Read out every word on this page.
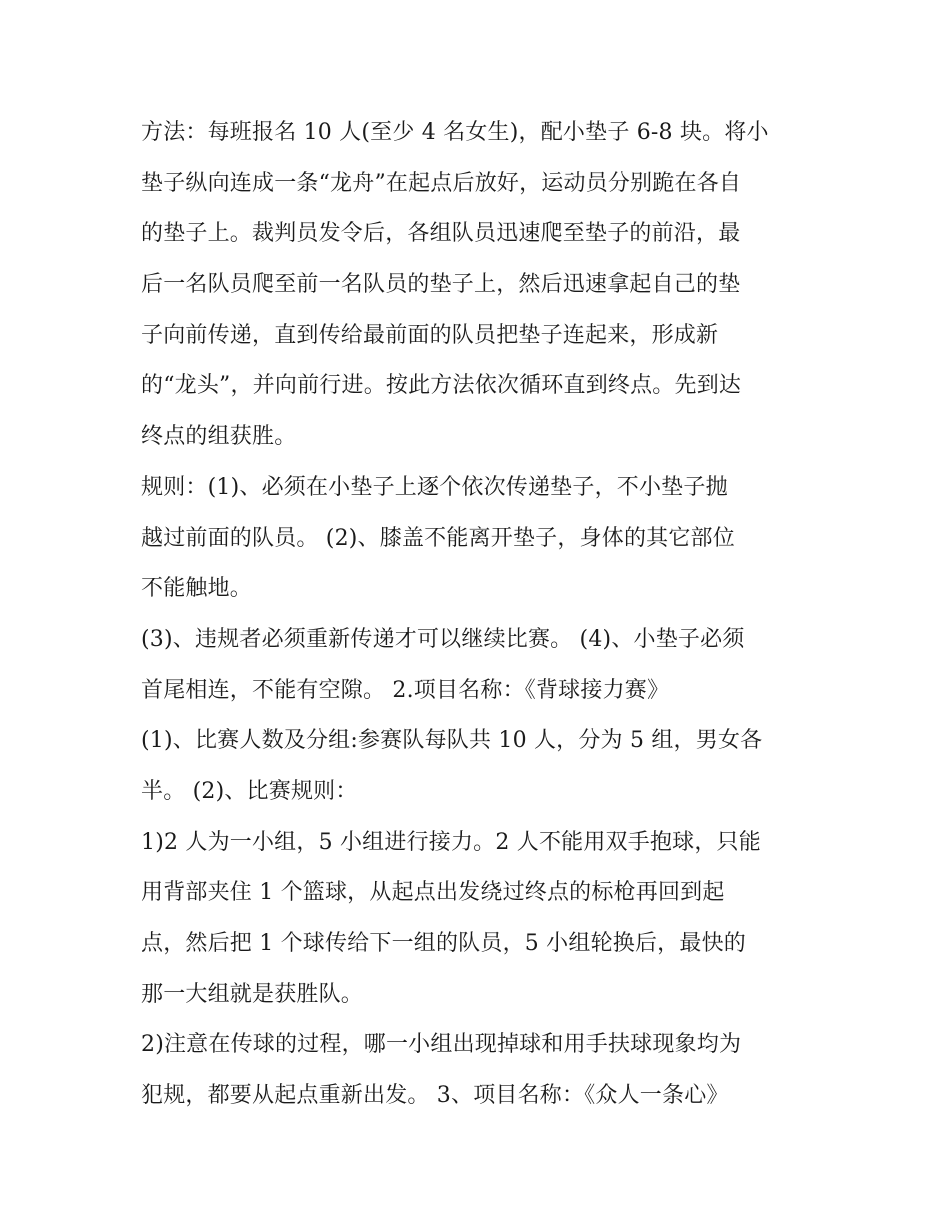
方法：每班报名 10 人(至少 4 名女生)，配小垫子 6-8 块。将小
垫子纵向连成一条“龙舟”在起点后放好，运动员分别跪在各自
的垫子上。裁判员发令后，各组队员迅速爬至垫子的前沿，最
后一名队员爬至前一名队员的垫子上，然后迅速拿起自己的垫
子向前传递，直到传给最前面的队员把垫子连起来，形成新
的“龙头”，并向前行进。按此方法依次循环直到终点。先到达
终点的组获胜。
规则：(1)、必须在小垫子上逐个依次传递垫子，不小垫子抛
越过前面的队员。 (2)、膝盖不能离开垫子，身体的其它部位
不能触地。
(3)、违规者必须重新传递才可以继续比赛。 (4)、小垫子必须
首尾相连，不能有空隙。 2.项目名称：《背球接力赛》
(1)、比赛人数及分组:参赛队每队共 10 人，分为 5 组，男女各
半。 (2)、比赛规则：
1)2 人为一小组，5 小组进行接力。2 人不能用双手抱球，只能
用背部夹住 1 个篮球，从起点出发绕过终点的标枪再回到起
点，然后把 1 个球传给下一组的队员，5 小组轮换后，最快的
那一大组就是获胜队。
2)注意在传球的过程，哪一小组出现掉球和用手扶球现象均为
犯规，都要从起点重新出发。 3、项目名称：《众人一条心》
